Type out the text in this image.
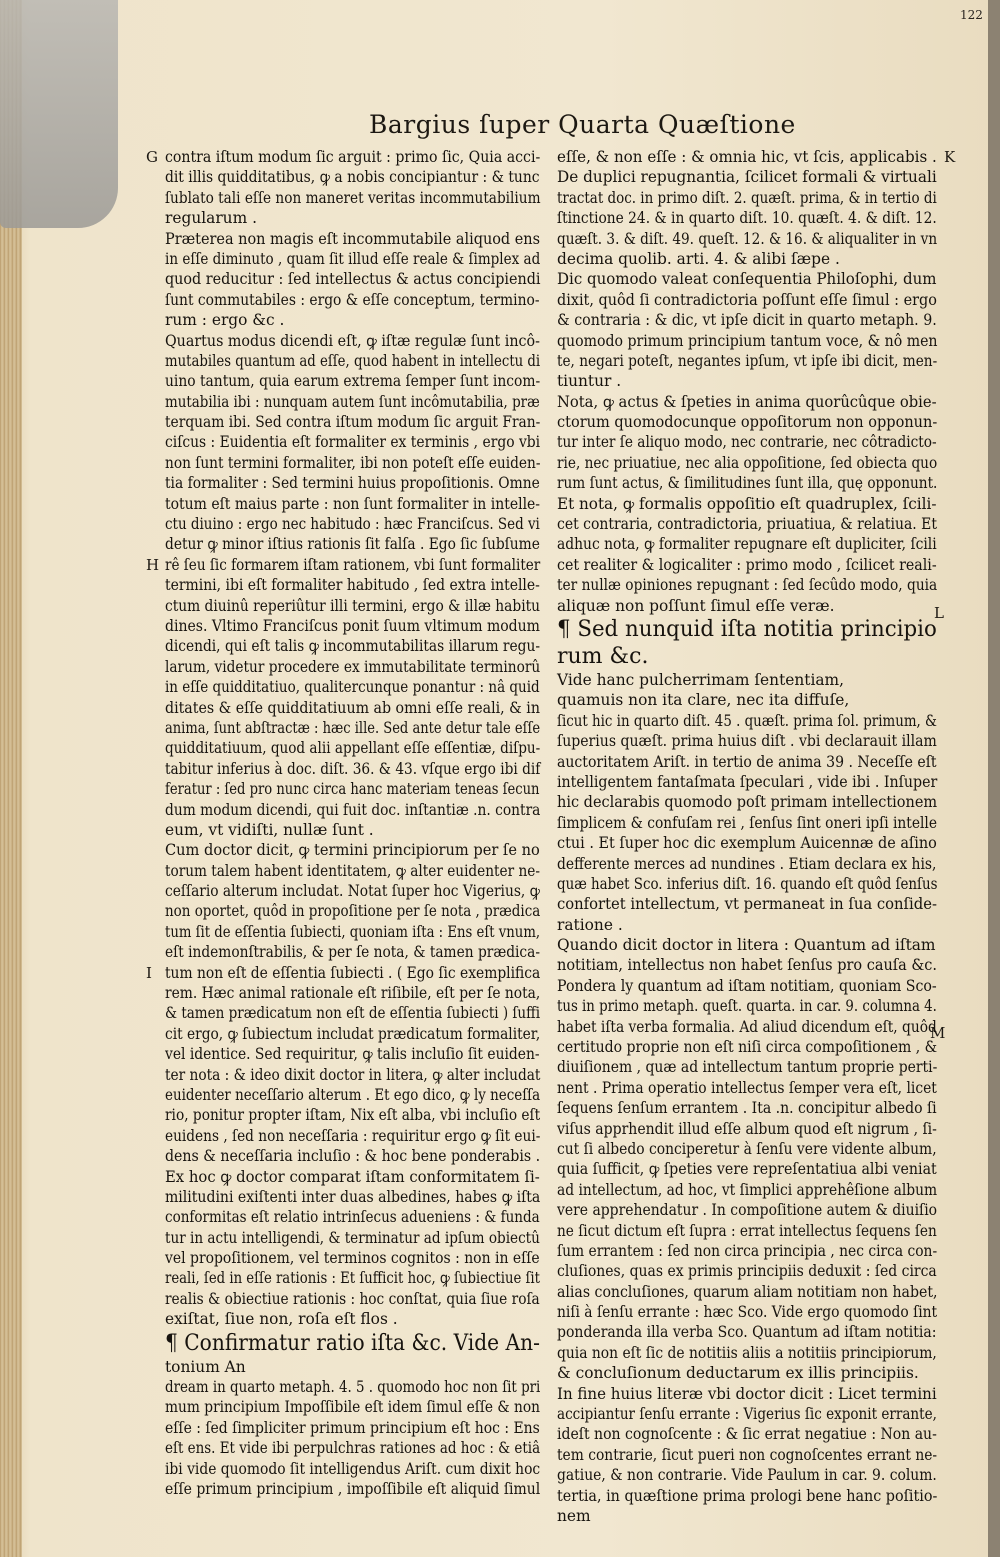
122
Bargius ſuper Quarta Quæſtione
G
H
I
K
L
M
contra iſtum modum ſic arguit : primo ſic, Quia acci-
dit illis quidditatibus, ꝙ a nobis concipiantur : & tunc
ſublato tali eſſe non maneret veritas incommutabilium
regularum .
Præterea non magis eſt incommutabile aliquod ens
in eſſe diminuto , quam ſit illud eſſe reale & ſimplex ad
quod reducitur : ſed intellectus & actus concipiendi
ſunt commutabiles : ergo & eſſe conceptum, termino-
rum : ergo &c .
Quartus modus dicendi eſt, ꝙ iſtæ regulæ ſunt incô-
mutabiles quantum ad eſſe, quod habent in intellectu di
uino tantum, quia earum extrema ſemper ſunt incom-
mutabilia ibi : nunquam autem ſunt incômutabilia, præ
terquam ibi. Sed contra iſtum modum ſic arguit Fran-
ciſcus : Euidentia eſt formaliter ex terminis , ergo vbi
non ſunt termini formaliter, ibi non poteſt eſſe euiden-
tia formaliter : Sed termini huius propoſitionis. Omne
totum eſt maius parte : non ſunt formaliter in intelle-
ctu diuino : ergo nec habitudo : hæc Franciſcus. Sed vi
detur ꝙ minor iſtius rationis ſit falſa . Ego ſic ſubſume
rê ſeu ſic formarem iſtam rationem, vbi ſunt formaliter
termini, ibi eſt formaliter habitudo , ſed extra intelle-
ctum diuinû reperiûtur illi termini, ergo & illæ habitu
dines. Vltimo Franciſcus ponit ſuum vltimum modum
dicendi, qui eſt talis ꝙ incommutabilitas illarum regu-
larum, videtur procedere ex immutabilitate terminorû
in eſſe quidditatiuo, qualitercunque ponantur : nâ quid
ditates & eſſe quidditatiuum ab omni eſſe reali, & in
anima, ſunt abſtractæ : hæc ille. Sed ante detur tale eſſe
quidditatiuum, quod alii appellant eſſe eſſentiæ, diſpu-
tabitur inferius à doc. diſt. 36. & 43. vſque ergo ibi dif
feratur : ſed pro nunc circa hanc materiam teneas ſecun
dum modum dicendi, qui fuit doc. inſtantiæ .n. contra
eum, vt vidiſti, nullæ ſunt .
Cum doctor dicit, ꝙ termini principiorum per ſe no
torum talem habent identitatem, ꝙ alter euidenter ne-
ceſſario alterum includat. Notat ſuper hoc Vigerius, ꝙ
non oportet, quôd in propoſitione per ſe nota , prædica
tum ſit de eſſentia ſubiecti, quoniam iſta : Ens eſt vnum,
eſt indemonſtrabilis, & per ſe nota, & tamen prædica-
tum non eſt de eſſentia ſubiecti . ( Ego ſic exemplifica
rem. Hæc animal rationale eſt riſibile, eſt per ſe nota,
& tamen prædicatum non eſt de eſſentia ſubiecti ) ſuffi
cit ergo, ꝙ ſubiectum includat prædicatum formaliter,
vel identice. Sed requiritur, ꝙ talis incluſio ſit euiden-
ter nota : & ideo dixit doctor in litera, ꝙ alter includat
euidenter neceſſario alterum . Et ego dico, ꝙ ly neceſſa
rio, ponitur propter iſtam, Nix eſt alba, vbi incluſio eſt
euidens , ſed non neceſſaria : requiritur ergo ꝙ ſit eui-
dens & neceſſaria incluſio : & hoc bene ponderabis .
Ex hoc ꝙ doctor comparat iſtam conformitatem ſi-
militudini exiſtenti inter duas albedines, habes ꝙ iſta
conformitas eſt relatio intrinſecus adueniens : & funda
tur in actu intelligendi, & terminatur ad ipſum obiectû
vel propoſitionem, vel terminos cognitos : non in eſſe
reali, ſed in eſſe rationis : Et ſufficit hoc, ꝙ ſubiectiue ſit
realis & obiectiue rationis : hoc conſtat, quia ſiue roſa
exiſtat, ſiue non, roſa eſt flos .
¶ Confirmatur ratio iſta &c. Vide An-
tonium An
dream in quarto metaph. 4. 5 . quomodo hoc non ſit pri
mum principium Impoſſibile eſt idem ſimul eſſe & non
eſſe : ſed ſimpliciter primum principium eſt hoc : Ens
eſt ens. Et vide ibi perpulchras rationes ad hoc : & etiâ
ibi vide quomodo ſit intelligendus Ariſt. cum dixit hoc
eſſe primum principium , impoſſibile eſt aliquid ſimul
eſſe, & non eſſe : & omnia hic, vt ſcis, applicabis .
De duplici repugnantia, ſcilicet formali & virtuali
tractat doc. in primo diſt. 2. quæſt. prima, & in tertio di
ſtinctione 24. & in quarto diſt. 10. quæſt. 4. & diſt. 12.
quæſt. 3. & diſt. 49. queſt. 12. & 16. & aliqualiter in vn
decima quolib. arti. 4. & alibi ſæpe .
Dic quomodo valeat conſequentia Philoſophi, dum
dixit, quôd ſi contradictoria poſſunt eſſe ſimul : ergo
& contraria : & dic, vt ipſe dicit in quarto metaph. 9.
quomodo primum principium tantum voce, & nô men
te, negari poteſt, negantes ipſum, vt ipſe ibi dicit, men-
tiuntur .
Nota, ꝙ actus & ſpeties in anima quorûcûque obie-
ctorum quomodocunque oppoſitorum non opponun-
tur inter ſe aliquo modo, nec contrarie, nec côtradicto-
rie, nec priuatiue, nec alia oppoſitione, ſed obiecta quo
rum ſunt actus, & ſimilitudines ſunt illa, quę opponunt.
Et nota, ꝙ formalis oppoſitio eſt quadruplex, ſcili-
cet contraria, contradictoria, priuatiua, & relatiua. Et
adhuc nota, ꝙ formaliter repugnare eſt dupliciter, ſcili
cet realiter & logicaliter : primo modo , ſcilicet reali-
ter nullæ opiniones repugnant : ſed ſecûdo modo, quia
aliquæ non poſſunt ſimul eſſe veræ.
¶ Sed nunquid iſta notitia principio
rum &c.
Vide hanc pulcherrimam ſententiam,
quamuis non ita clare, nec ita diffuſe,
ſicut hic in quarto diſt. 45 . quæſt. prima ſol. primum, &
ſuperius quæſt. prima huius diſt . vbi declarauit illam
auctoritatem Ariſt. in tertio de anima 39 . Neceſſe eſt
intelligentem fantaſmata ſpeculari , vide ibi . Inſuper
hic declarabis quomodo poſt primam intellectionem
ſimplicem & confuſam rei , ſenſus ſint oneri ipſi intelle
ctui . Et ſuper hoc dic exemplum Auicennæ de aſino
defferente merces ad nundines . Etiam declara ex his,
quæ habet Sco. inferius diſt. 16. quando eſt quôd ſenſus
confortet intellectum, vt permaneat in ſua conſide-
ratione .
Quando dicit doctor in litera : Quantum ad iſtam
notitiam, intellectus non habet ſenſus pro cauſa &c.
Pondera ly quantum ad iſtam notitiam, quoniam Sco-
tus in primo metaph. queſt. quarta. in car. 9. columna 4.
habet iſta verba formalia. Ad aliud dicendum eſt, quôd
certitudo proprie non eſt niſi circa compoſitionem , &
diuiſionem , quæ ad intellectum tantum proprie perti-
nent . Prima operatio intellectus ſemper vera eſt, licet
ſequens ſenſum errantem . Ita .n. concipitur albedo ſi
viſus apprhendit illud eſſe album quod eſt nigrum , ſi-
cut ſi albedo conciperetur à ſenſu vere vidente album,
quia ſufficit, ꝙ ſpeties vere repreſentatiua albi veniat
ad intellectum, ad hoc, vt ſimplici apprehêſione album
vere apprehendatur . In compoſitione autem & diuiſio
ne ſicut dictum eſt ſupra : errat intellectus ſequens ſen
ſum errantem : ſed non circa principia , nec circa con-
cluſiones, quas ex primis principiis deduxit : ſed circa
alias concluſiones, quarum aliam notitiam non habet,
niſi à ſenſu errante : hæc Sco. Vide ergo quomodo ſint
ponderanda illa verba Sco. Quantum ad iſtam notitia:
quia non eſt ſic de notitiis aliis a notitiis principiorum,
& concluſionum deductarum ex illis principiis.
In fine huius literæ vbi doctor dicit : Licet termini
accipiantur ſenſu errante : Vigerius ſic exponit errante,
ideſt non cognoſcente : & ſic errat negatiue : Non au-
tem contrarie, ſicut pueri non cognoſcentes errant ne-
gatiue, & non contrarie. Vide Paulum in car. 9. colum.
tertia, in quæſtione prima prologi bene hanc poſitio-
nem
